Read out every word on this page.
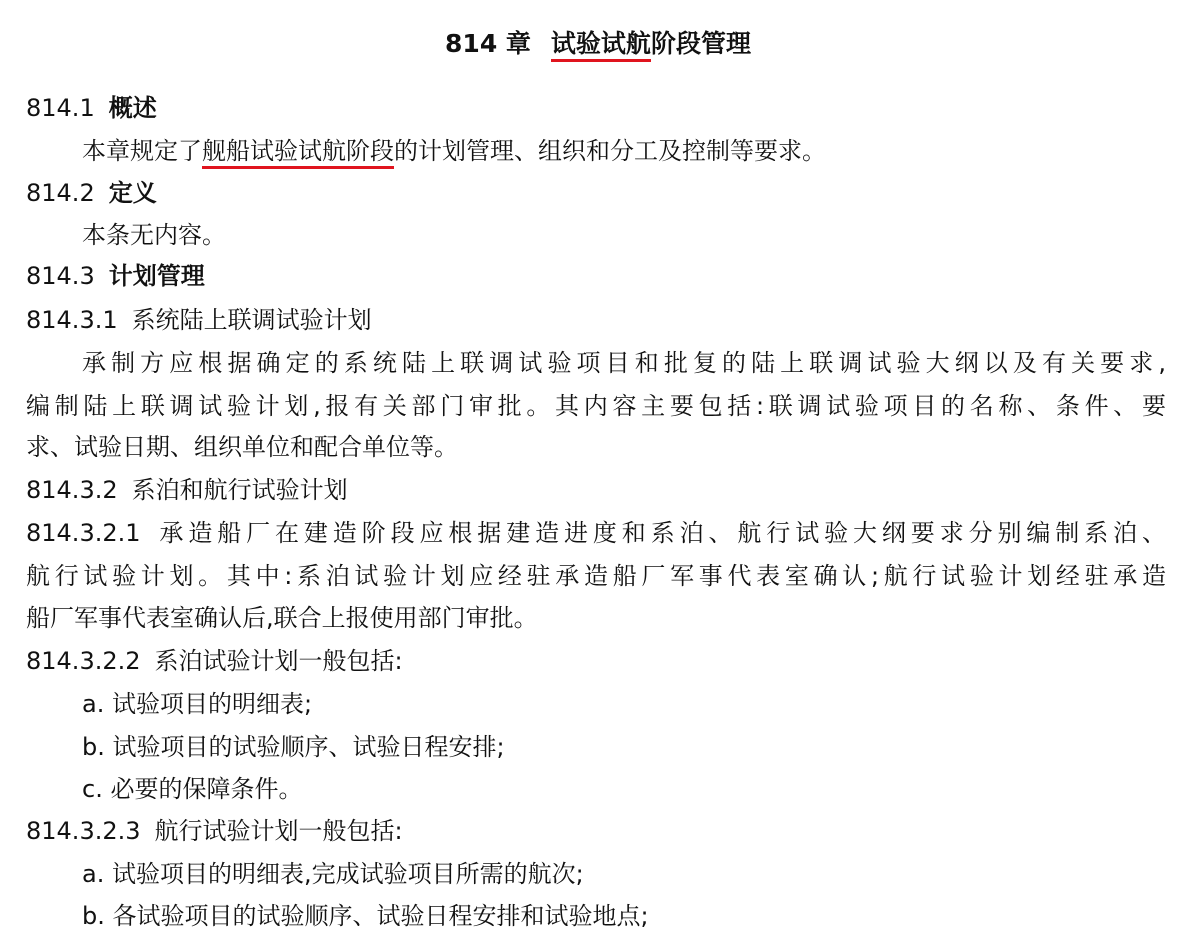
814 章 试验试航阶段管理
814.1 概述
本章规定了舰船试验试航阶段的计划管理、组织和分工及控制等要求。
814.2 定义
本条无内容。
814.3 计划管理
814.3.1 系统陆上联调试验计划
承制方应根据确定的系统陆上联调试验项目和批复的陆上联调试验大纲以及有关要求,
编制陆上联调试验计划,报有关部门审批。其内容主要包括:联调试验项目的名称、条件、要
求、试验日期、组织单位和配合单位等。
814.3.2 系泊和航行试验计划
814.3.2.1 承造船厂在建造阶段应根据建造进度和系泊、航行试验大纲要求分别编制系泊、
航行试验计划。其中:系泊试验计划应经驻承造船厂军事代表室确认;航行试验计划经驻承造
船厂军事代表室确认后,联合上报使用部门审批。
814.3.2.2 系泊试验计划一般包括:
a. 试验项目的明细表;
b. 试验项目的试验顺序、试验日程安排;
c. 必要的保障条件。
814.3.2.3 航行试验计划一般包括:
a. 试验项目的明细表,完成试验项目所需的航次;
b. 各试验项目的试验顺序、试验日程安排和试验地点;
